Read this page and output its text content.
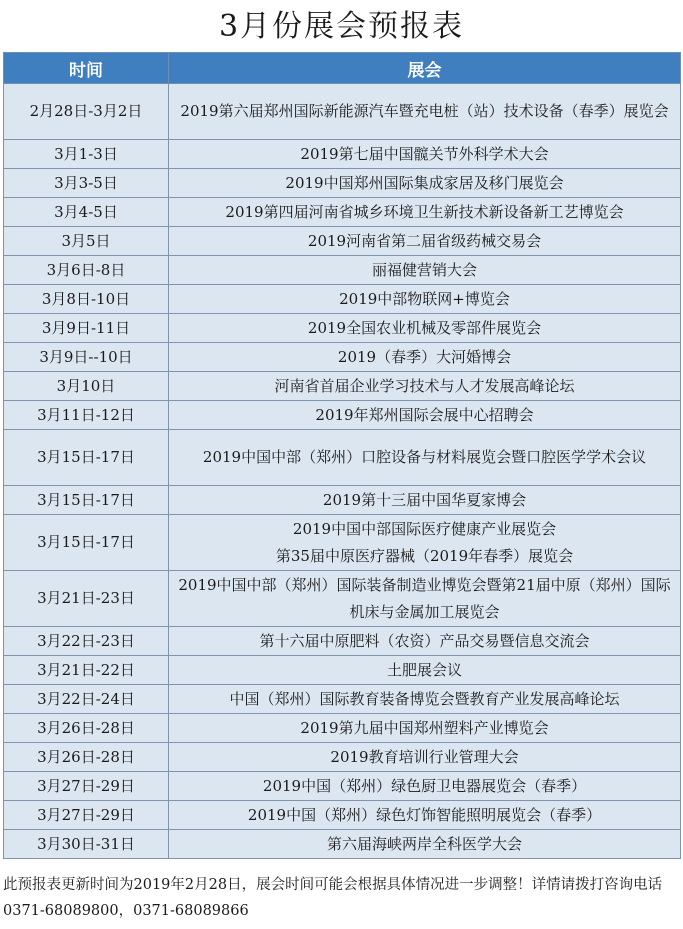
3月份展会预报表
时间	展会
2月28日-3月2日	2019第六届郑州国际新能源汽车暨充电桩（站）技术设备（春季）展览会
3月1-3日	2019第七届中国髋关节外科学术大会
3月3-5日	2019中国郑州国际集成家居及移门展览会
3月4-5日	2019第四届河南省城乡环境卫生新技术新设备新工艺博览会
3月5日	2019河南省第二届省级药械交易会
3月6日-8日	丽福健营销大会
3月8日-10日	2019中部物联网+博览会
3月9日-11日	2019全国农业机械及零部件展览会
3月9日--10日	2019（春季）大河婚博会
3月10日	河南省首届企业学习技术与人才发展高峰论坛
3月11日-12日	2019年郑州国际会展中心招聘会
3月15日-17日	2019中国中部（郑州）口腔设备与材料展览会暨口腔医学学术会议
3月15日-17日	2019第十三届中国华夏家博会
3月15日-17日	2019中国中部国际医疗健康产业展览会
第35届中原医疗器械（2019年春季）展览会

3月21日-23日	2019中国中部（郑州）国际装备制造业博览会暨第21届中原（郑州）国际机床与金属加工展览会
3月22日-23日	第十六届中原肥料（农资）产品交易暨信息交流会
3月21日-22日	土肥展会议
3月22日-24日	中国（郑州）国际教育装备博览会暨教育产业发展高峰论坛
3月26日-28日	2019第九届中国郑州塑料产业博览会
3月26日-28日	2019教育培训行业管理大会
3月27日-29日	2019中国（郑州）绿色厨卫电器展览会（春季）
3月27日-29日	2019中国（郑州）绿色灯饰智能照明展览会（春季）
3月30日-31日	第六届海峡两岸全科医学大会
此预报表更新时间为2019年2月28日，展会时间可能会根据具体情况进一步调整！详情请拨打咨询电话0371-68089800，0371-68089866
